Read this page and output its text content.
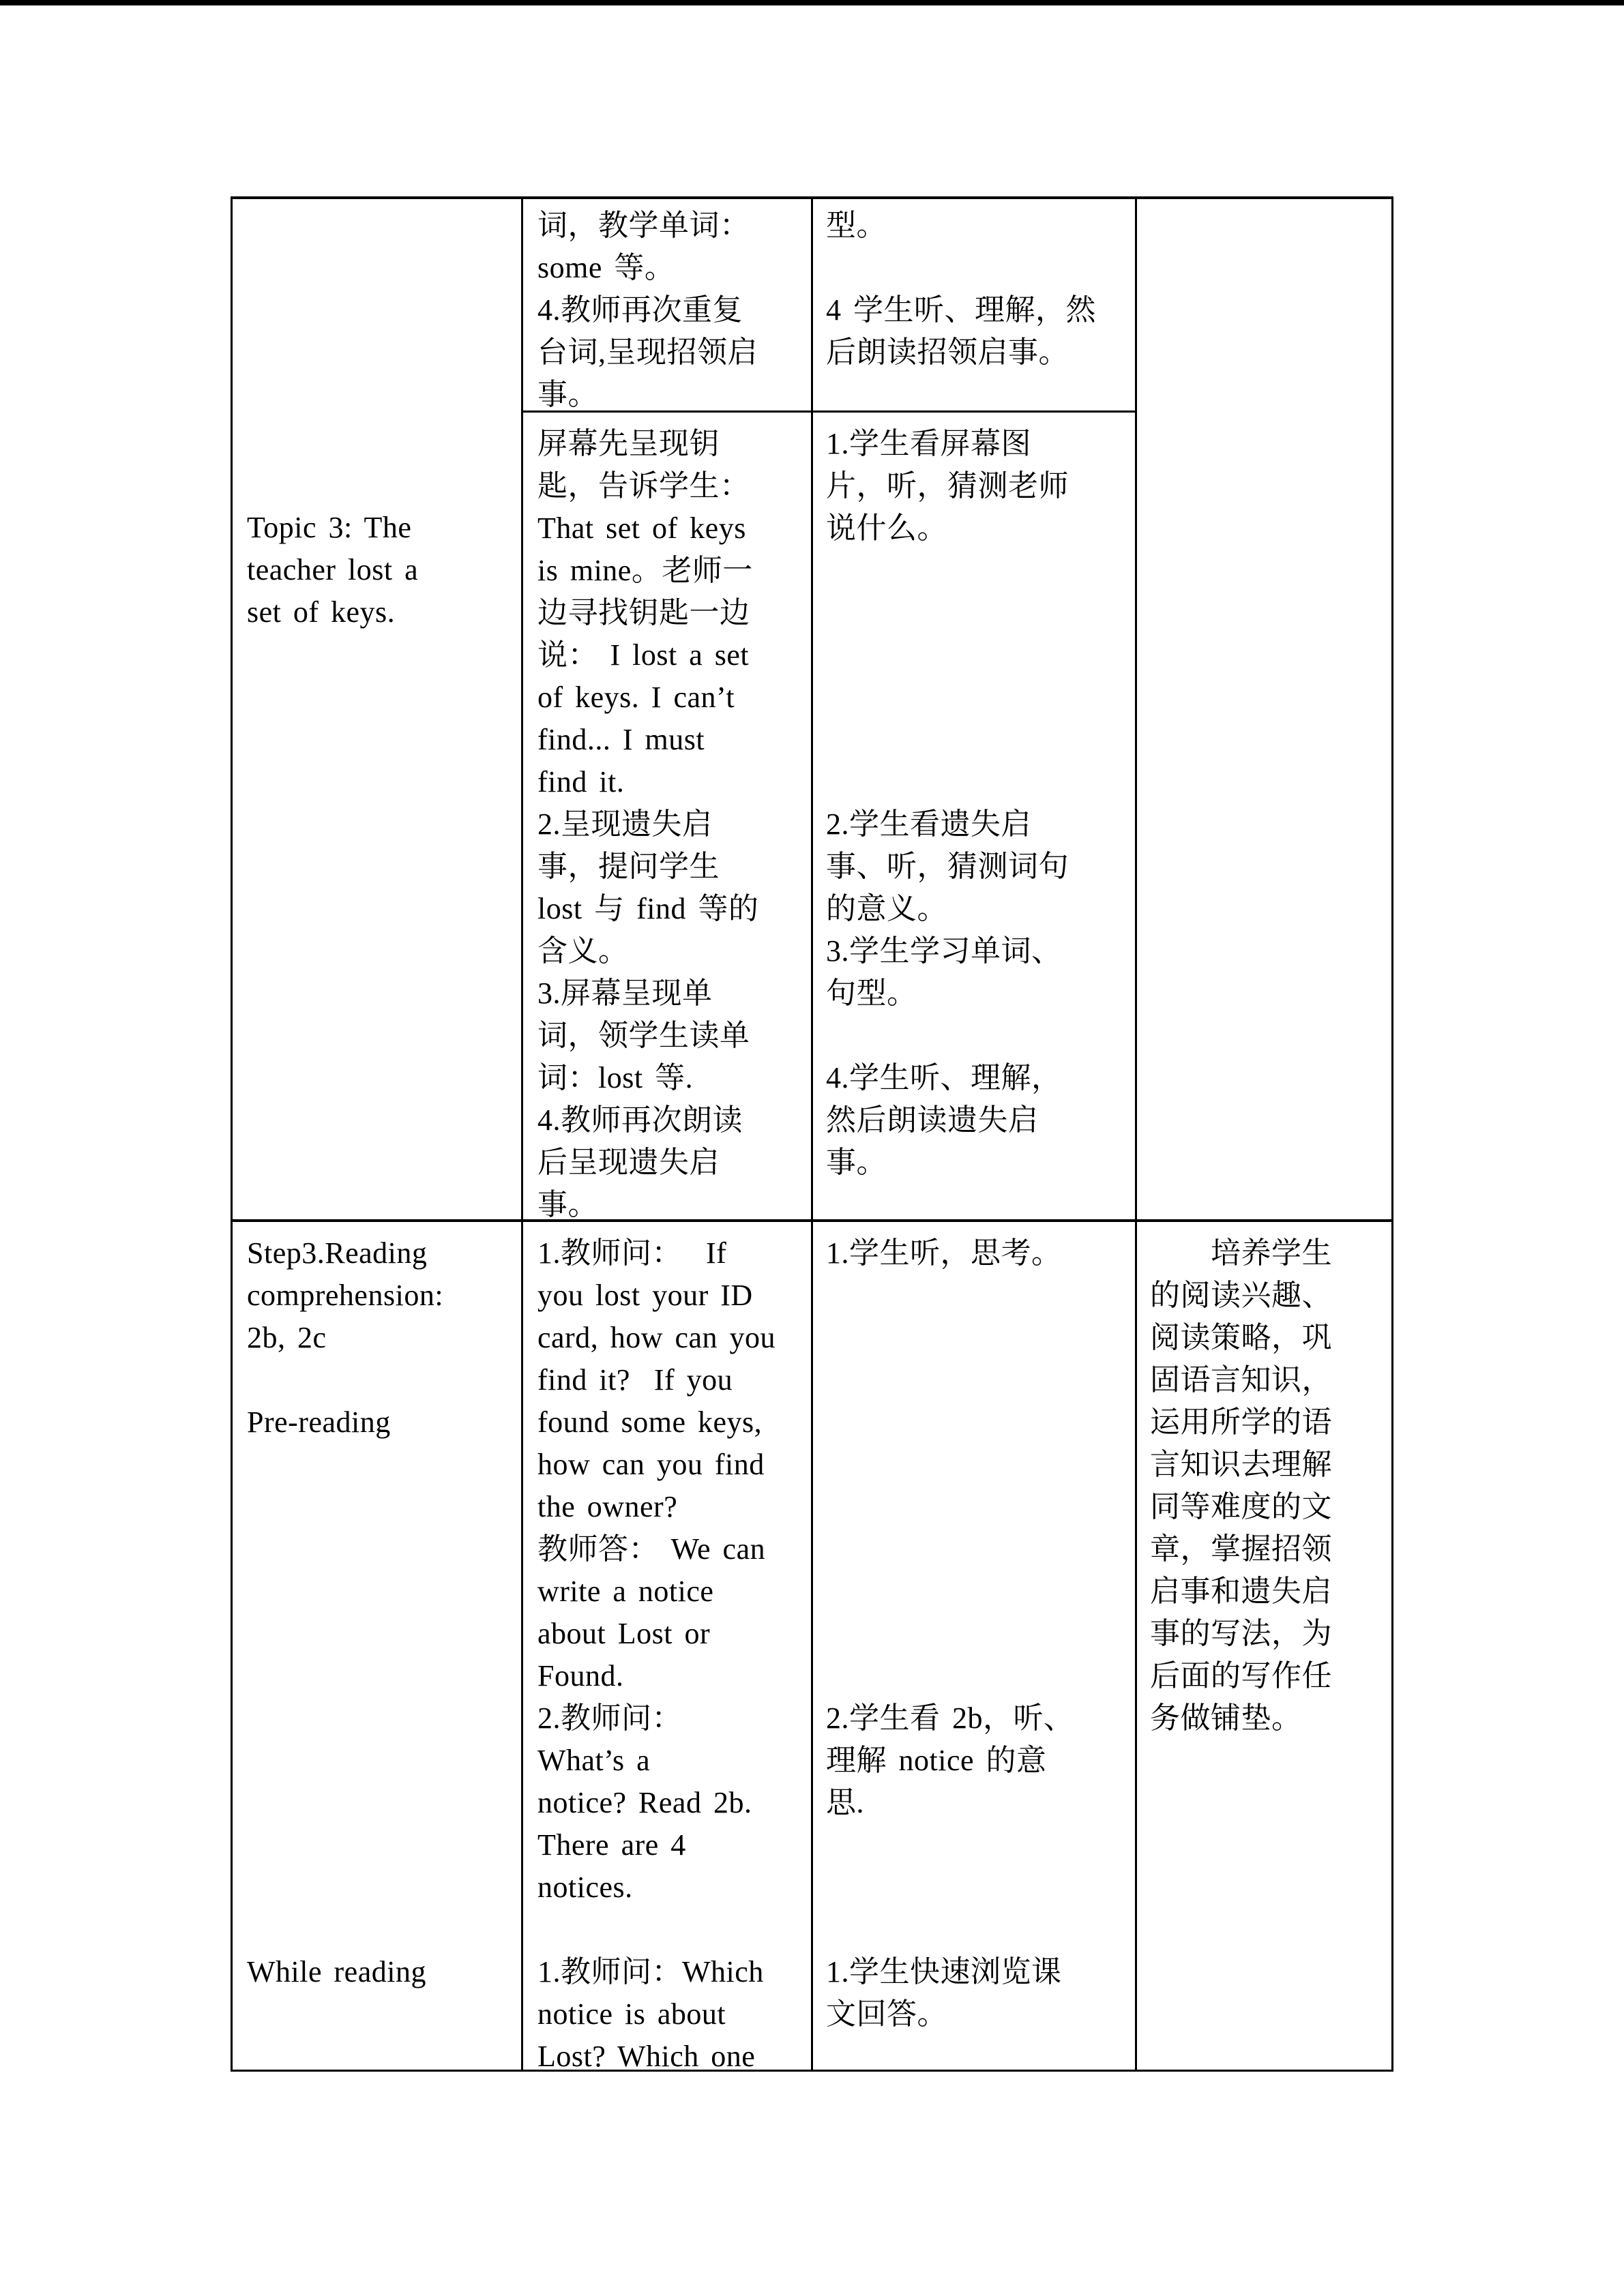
Topic 3: The
teacher lost a
set of keys.
Step3.Reading
comprehension:
2b, 2c

Pre-reading

While reading
词，教学单词：
some 等。
4.教师再次重复
台词,呈现招领启
事。
屏幕先呈现钥
匙，告诉学生：
That set of keys
is mine。老师一
边寻找钥匙一边
说： I lost a set
of keys. I can’t
find... I must
find it.
2.呈现遗失启
事，提问学生
lost 与 find 等的
含义。
3.屏幕呈现单
词，领学生读单
词：lost 等.
4.教师再次朗读
后呈现遗失启
事。
1.教师问：  If
you lost your ID
card, how can you
find it?  If you
found some keys,
how can you find
the owner?
教师答： We can
write a notice
about Lost or
Found.
2.教师问：
What’s a
notice? Read 2b.
There are 4
notices.

1.教师问：Which
notice is about
Lost? Which one
型。

4 学生听、理解，然
后朗读招领启事。
1.学生看屏幕图
片，听，猜测老师
说什么。

2.学生看遗失启
事、听，猜测词句
的意义。
3.学生学习单词、
句型。

4.学生听、理解，
然后朗读遗失启
事。
1.学生听，思考。

2.学生看 2b，听、
理解 notice 的意
思.

1.学生快速浏览课
文回答。
　　培养学生
的阅读兴趣、
阅读策略，巩
固语言知识，
运用所学的语
言知识去理解
同等难度的文
章，掌握招领
启事和遗失启
事的写法，为
后面的写作任
务做铺垫。
